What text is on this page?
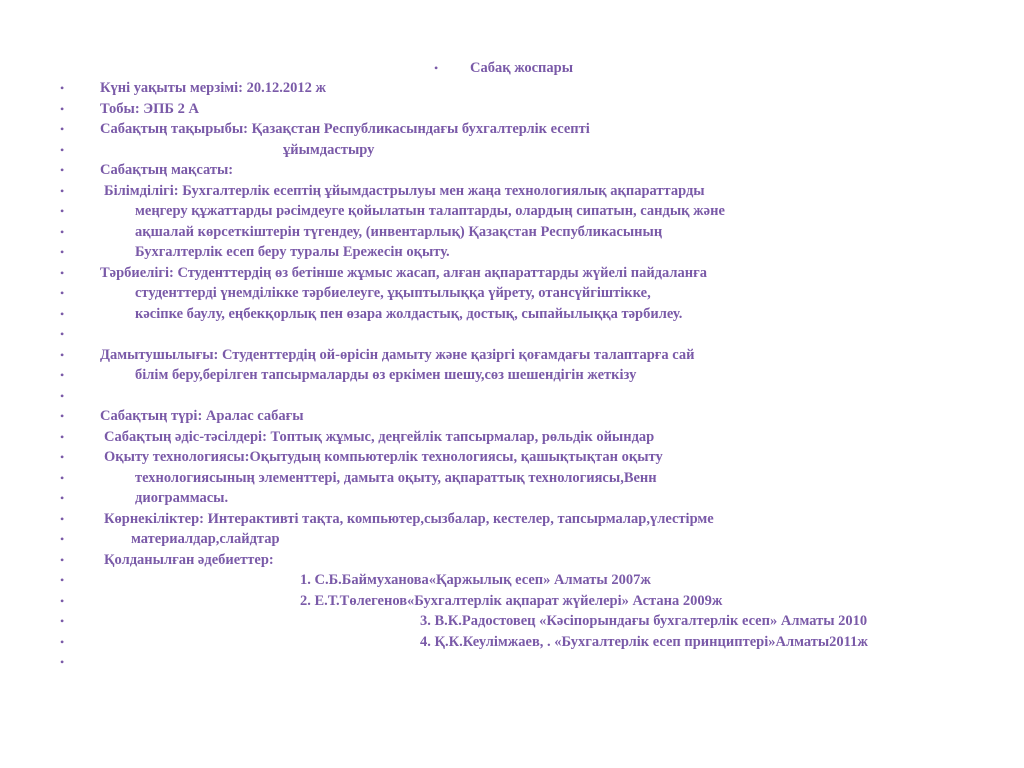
• Сабақ жоспары
• Күні уақыты мерзімі: 20.12.2012 ж
• Тобы: ЭПБ 2 А
• Сабақтың тақырыбы: Қазақстан Республикасындағы бухгалтерлік есепті
•	ұйымдастыру
• Сабақтың мақсаты:
•	Білімділігі: Бухгалтерлік есептің ұйымдастрылуы мен жаңа технологиялық ақпараттарды
•	меңгеру құжаттарды рәсімдеуге қойылатын талаптарды, олардың сипатын, сандық және
•	ақшалай көрсеткіштерін түгендеу, (инвентарлық) Қазақстан Республикасының
•	Бухгалтерлік есеп беру туралы Ережесін оқыту.
• Тәрбиелігі: Студенттердің өз бетінше жұмыс жасап, алған ақпараттарды жүйелі пайдаланға
•	студенттерді үнемділікке тәрбиелеуге, ұқыптылыққа үйрету, отансүйгіштікке,
•	кәсіпке баулу, еңбекқорлық пен өзара жолдастық, достық, сыпайылыққа тәрбилеу.
•
• Дамытушылығы: Студенттердің ой-өрісін дамыту және қазіргі қоғамдағы талаптарға сай
•	білім беру,берілген тапсырмаларды өз еркімен шешу,сөз шешендігін жеткізу
•
• Сабақтың түрі: Аралас сабағы
•	Сабақтың әдіс-тәсілдері: Топтық жұмыс, деңгейлік тапсырмалар, рөльдік ойындар
•	Оқыту технологиясы:Оқытудың компьютерлік технологиясы, қашықтықтан оқыту
•	технологиясының элементтері, дамыта оқыту, ақпараттық технологиясы,Венн
•	диограммасы.
•	Көрнекіліктер: Интерактивті тақта, компьютер,сызбалар, кестелер, тапсырмалар,үлестірме
•	материалдар,слайдтар
•	Қолданылған әдебиеттер:
•	1. С.Б.Баймуханова«Қаржылық есеп» Алматы 2007ж
•	2. Е.Т.Төлегенов«Бухгалтерлік ақпарат жүйелері» Астана 2009ж
•	3. В.К.Радостовец «Кәсіпорындағы бухгалтерлік есеп» Алматы 2010
•	4. Қ.К.Кеулімжаев, . «Бухгалтерлік есеп принциптері»Алматы2011ж
•
